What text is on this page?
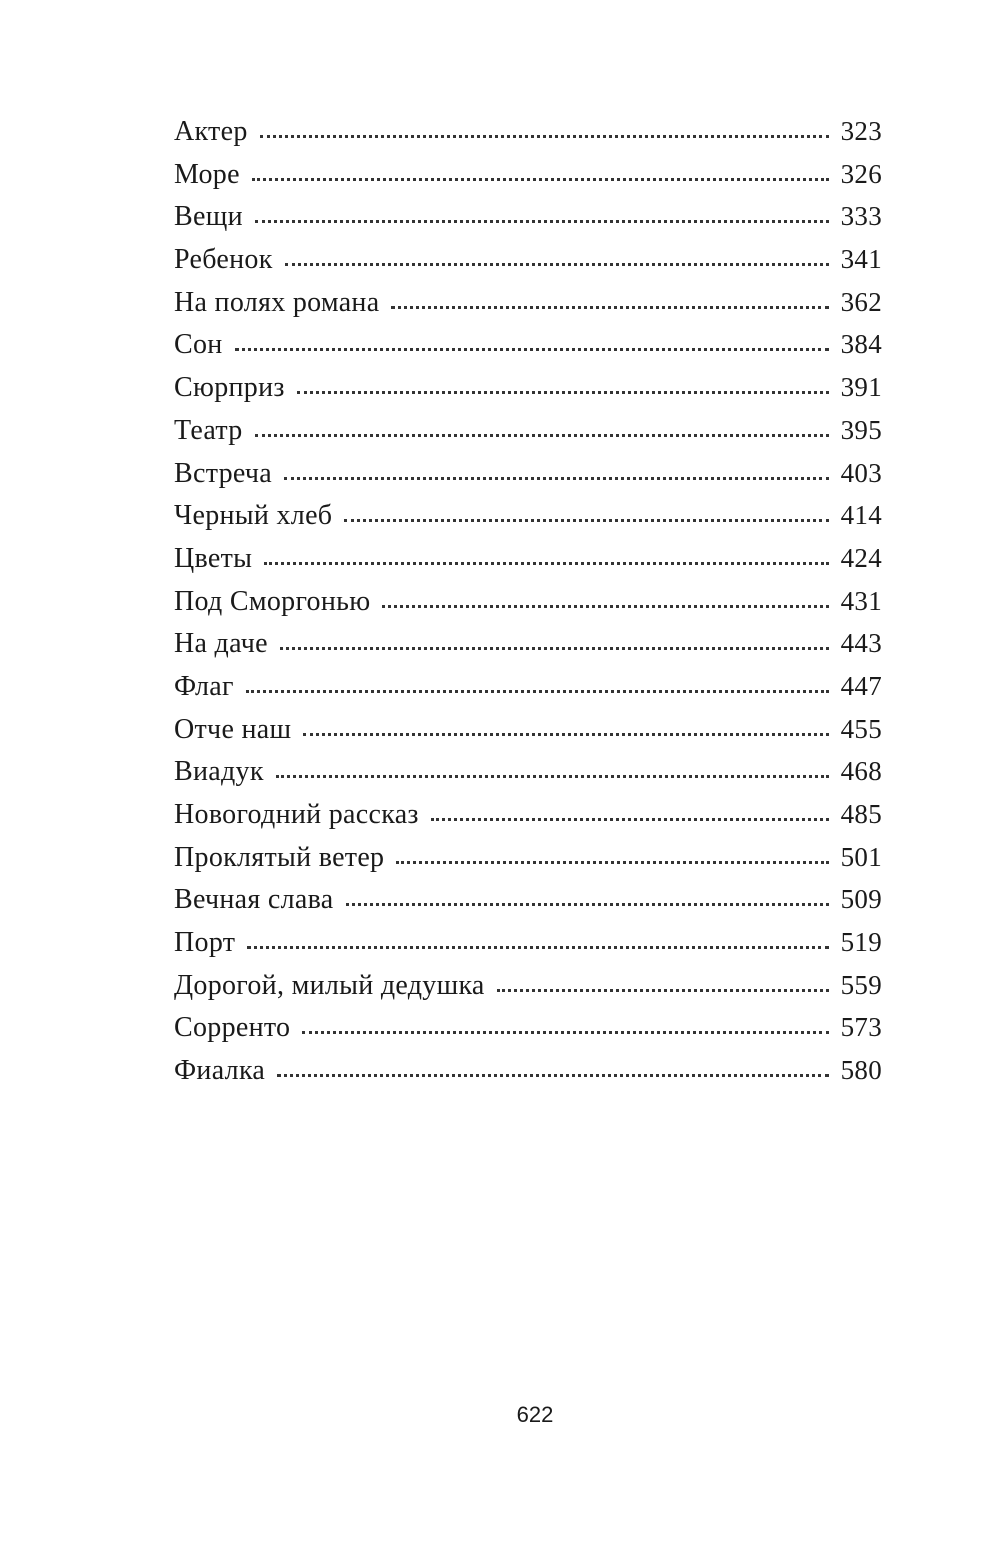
Актер	323
Море	326
Вещи	333
Ребенок	341
На полях романа	362
Сон	384
Сюрприз	391
Театр	395
Встреча	403
Черный хлеб	414
Цветы	424
Под Сморгонью	431
На даче	443
Флаг	447
Отче наш	455
Виадук	468
Новогодний рассказ	485
Проклятый ветер	501
Вечная слава	509
Порт	519
Дорогой, милый дедушка	559
Сорренто	573
Фиалка	580
622
